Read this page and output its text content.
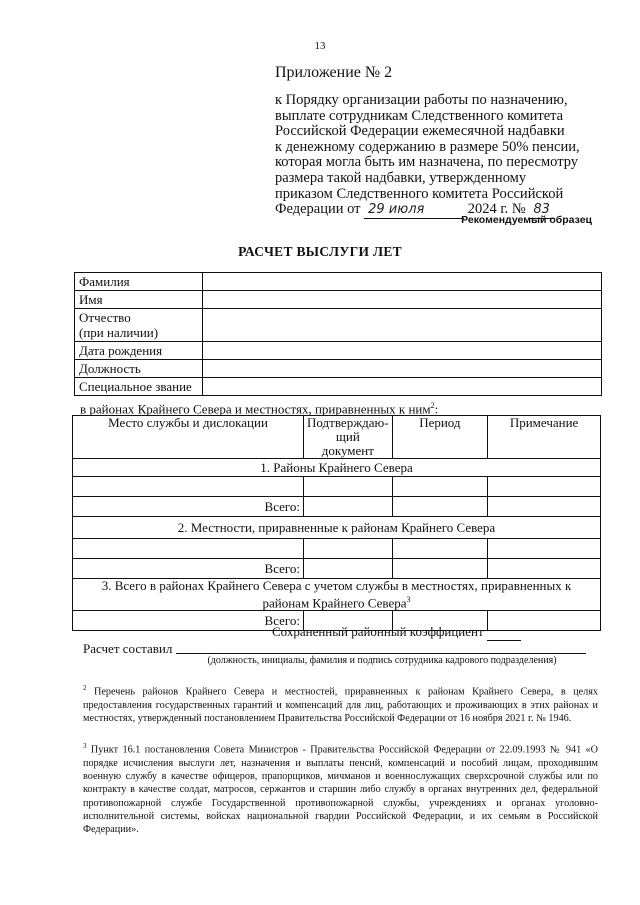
13
Приложение № 2
к Порядку организации работы по назначению,
выплате сотрудникам Следственного комитета
Российской Федерации ежемесячной надбавки
к денежному содержанию в размере 50% пенсии,
которая могла быть им назначена, по пересмотру
размера такой надбавки, утвержденному
приказом Следственного комитета Российской
Федерации от 29 июля	2024 г. № 83
Рекомендуемый образец
РАСЧЕТ ВЫСЛУГИ ЛЕТ
Фамилия	
Имя	
Отчество
(при наличии)	
Дата рождения	
Должность	
Специальное звание	
в районах Крайнего Севера и местностях, приравненных к ним$^2$:
Место службы и дислокации	Подтверждаю-
щий
документ	Период	Примечание
1. Районы Крайнего Севера			

Всего:			
2. Местности, приравненные к районам Крайнего Севера			

Всего:			
3. Всего в районах Крайнего Севера с учетом службы в местностях, приравненных к
районам Крайнего Севера$^3$
Всего:			
Сохраненный районный коэффициент
Расчет составил
(должность, инициалы, фамилия и подпись сотрудника кадрового подразделения)
$^2$ Перечень районов Крайнего Севера и местностей, приравненных к районам Крайнего Севера, в целях предоставления государственных гарантий и компенсаций для лиц, работающих и проживающих в этих районах и местностях, утвержденный постановлением Правительства Российской Федерации от 16 ноября 2021 г. № 1946.
$^3$ Пункт 16.1 постановления Совета Министров - Правительства Российской Федерации от 22.09.1993 № 941 «О порядке исчисления выслуги лет, назначения и выплаты пенсий, компенсаций и пособий лицам, проходившим военную службу в качестве офицеров, прапорщиков, мичманов и военнослужащих сверхсрочной службы или по контракту в качестве солдат, матросов, сержантов и старшин либо службу в органах внутренних дел, федеральной противопожарной службе Государственной противопожарной службы, учреждениях и органах уголовно-исполнительной системы, войсках национальной гвардии Российской Федерации, и их семьям в Российской Федерации».
